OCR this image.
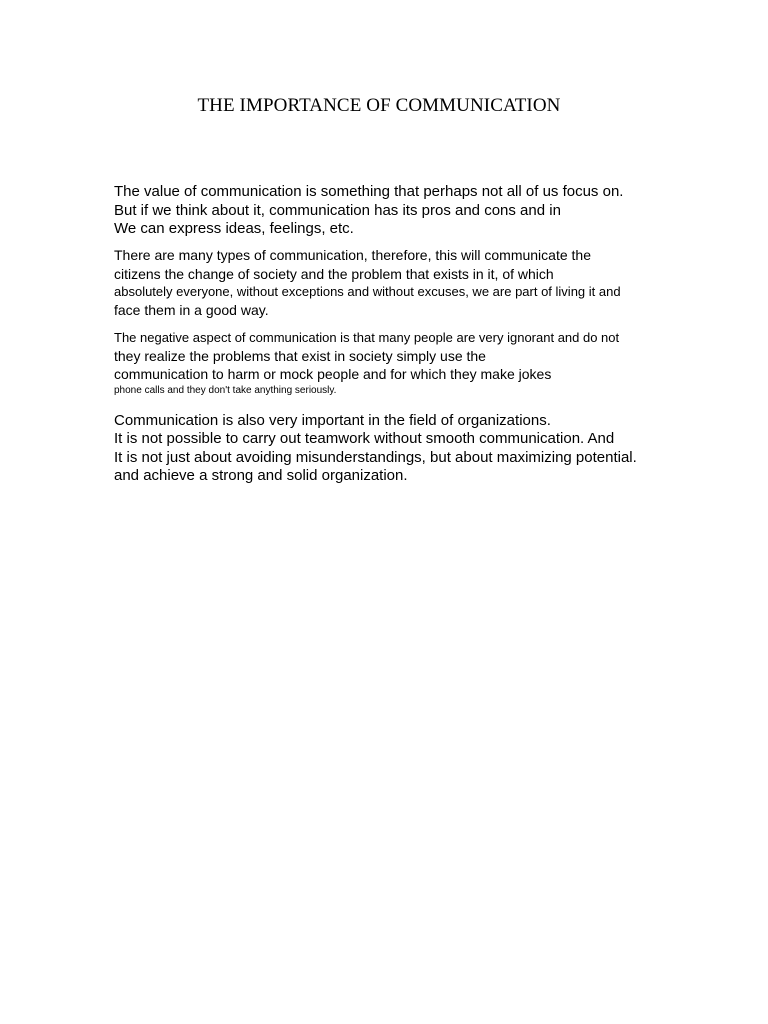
THE IMPORTANCE OF COMMUNICATION

The value of communication is something that perhaps not all of us focus on.

But if we think about it, communication has its pros and cons and in

We can express ideas, feelings, etc.

There are many types of communication, therefore, this will communicate the

citizens the change of society and the problem that exists in it, of which

absolutely everyone, without exceptions and without excuses, we are part of living it and

face them in a good way.

The negative aspect of communication is that many people are very ignorant and do not

they realize the problems that exist in society simply use the

communication to harm or mock people and for which they make jokes

phone calls and they don't take anything seriously.

Communication is also very important in the field of organizations.

It is not possible to carry out teamwork without smooth communication. And

It is not just about avoiding misunderstandings, but about maximizing potential.

and achieve a strong and solid organization.
